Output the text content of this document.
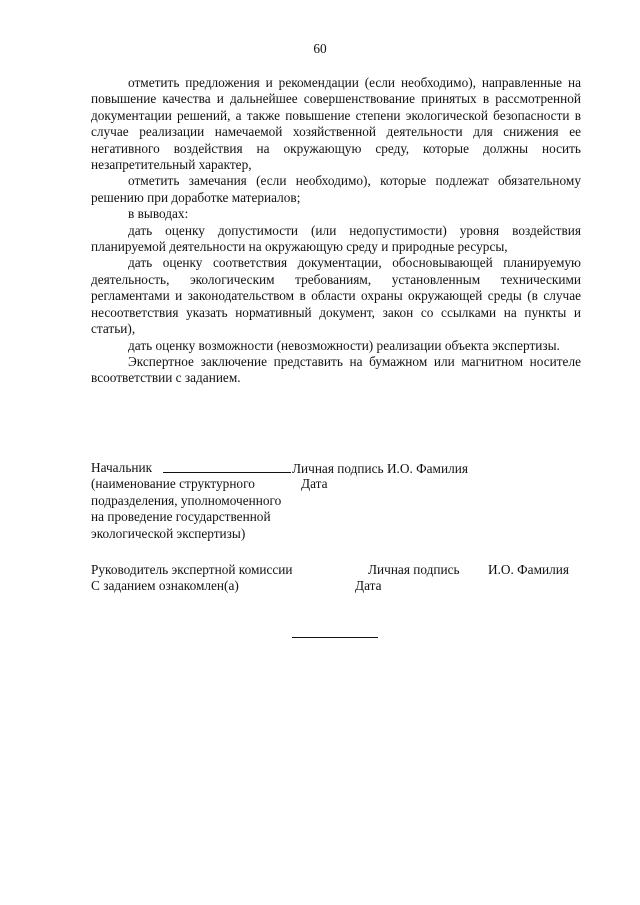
60

отметить предложения и рекомендации (если необходимо), направленные на повышение качества и дальнейшее совершенствование принятых в рассмотренной документации решений, а также повышение степени экологической безопасности в случае реализации намечаемой хозяйственной деятельности для снижения ее негативного воздействия на окружающую среду, которые должны носить незапретительный характер,

отметить замечания (если необходимо), которые подлежат обязательному решению при доработке материалов;

в выводах:

дать оценку допустимости (или недопустимости) уровня воздействия планируемой деятельности на окружающую среду и природные ресурсы,

дать оценку соответствия документации, обосновывающей планируемую деятельность, экологическим требованиям, установленным техническими регламентами и законодательством в области охраны окружающей среды (в случае несоответствия указать нормативный документ, закон со ссылками на пункты и статьи),

дать оценку возможности (невозможности) реализации объекта экспертизы.

Экспертное заключение представить на бумажном или магнитном носителе всоответствии с заданием.

Начальник	Личная подпись И.О. Фамилия
(наименование структурного	Дата
подразделения, уполномоченного
на проведение государственной
экологической экспертизы)
Руководитель экспертной комиссии	Личная подпись И.О. Фамилия
С заданием ознакомлен(а)	Дата
